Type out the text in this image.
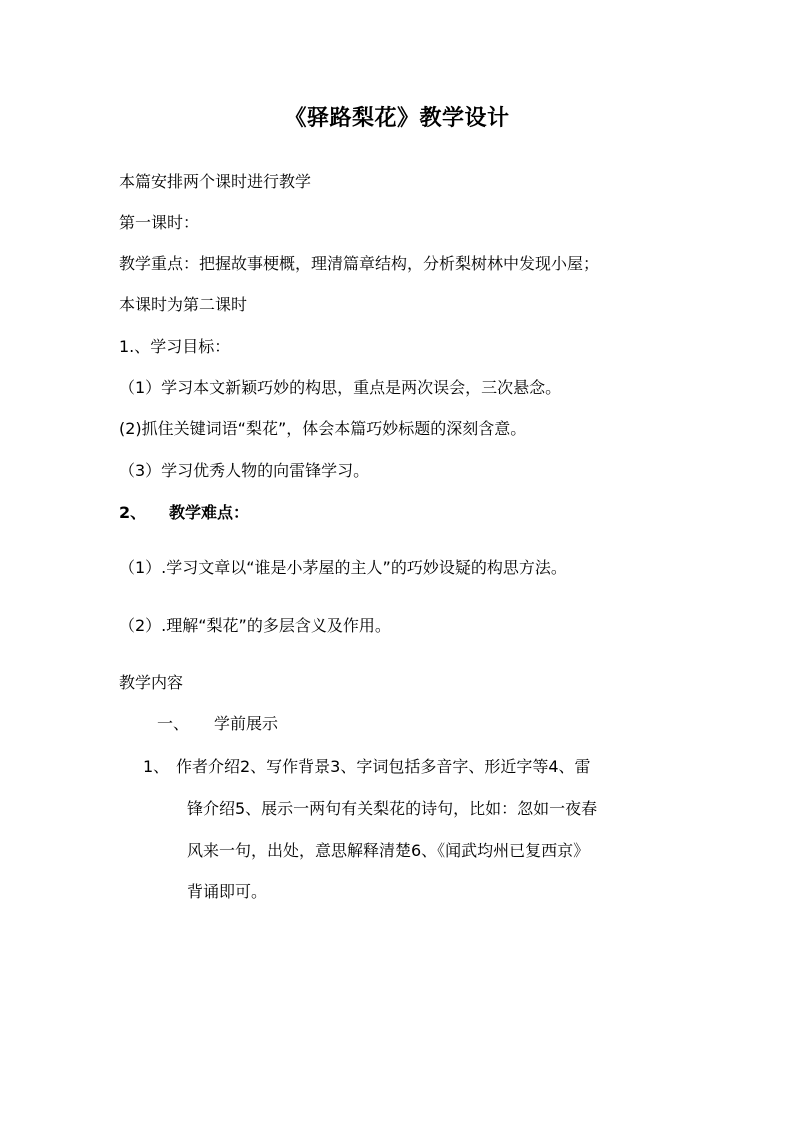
《驿路梨花》教学设计
本篇安排两个课时进行教学
第一课时：
教学重点：把握故事梗概，理清篇章结构，分析梨树林中发现小屋；
本课时为第二课时
1.、学习目标：
（1）学习本文新颖巧妙的构思，重点是两次误会，三次悬念。
(2)抓住关键词语“梨花”，体会本篇巧妙标题的深刻含意。
（3）学习优秀人物的向雷锋学习。
2、 教学难点：
（1）.学习文章以“谁是小茅屋的主人”的巧妙设疑的构思方法。
（2）.理解“梨花”的多层含义及作用。
教学内容
一、 学前展示
1、 作者介绍2、写作背景3、字词包括多音字、形近字等4、雷
锋介绍5、展示一两句有关梨花的诗句，比如：忽如一夜春
风来一句，出处，意思解释清楚6、《闻武均州已复西京》
背诵即可。
